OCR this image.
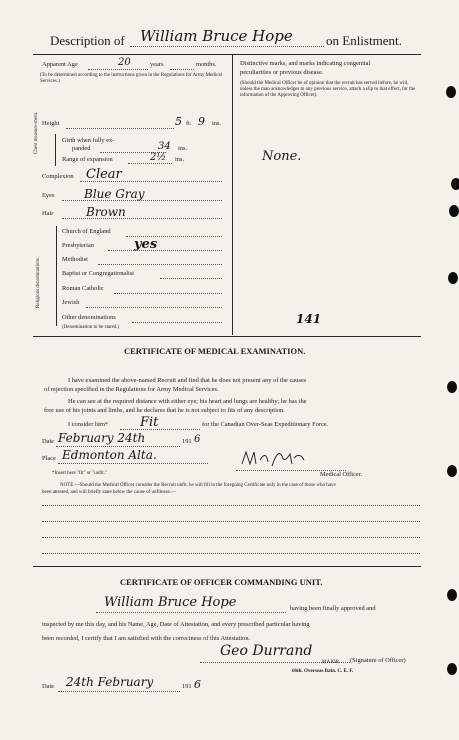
Description of William Bruce Hope	on Enlistment.
Apparent Age	20	years	months.
(To be determined according to the instructions given in the Regulations for Army Medical Services.)
Height	5 ft. 9 ins.
Chest measure-ment.	Girth when fully ex-
panded	34 ins.
Range of expansion	2½ ins.
Complexion Clear
Eyes Blue Gray
Hair	Brown
Religious denominations.
Church of England
Presbyterian	yes
Methodist
Baptist or Congregationalist
Roman Catholic
Jewish
Other denominations
(Denomination to be stated.)
Distinctive marks, and marks indicating congenital
peculiarities or previous disease.
(Should the Medical Officer be of opinion that the recruit has served before, he will, unless the man acknowledges to any previous service, attach a slip to that effect, for the information of the Approving Officer).
None.
141
CERTIFICATE OF MEDICAL EXAMINATION.
I have examined the above-named Recruit and find that he does not present any of the causes
of rejection specified in the Regulations for Army Medical Services.
He can see at the required distance with either eye; his heart and lungs are healthy; he has the
free use of his joints and limbs, and he declares that he is not subject to fits of any description.
I consider him* Fit	for the Canadian Over-Seas Expeditionary Force.
Date February 24th	191 6
Place Edmonton Alta.
Medical Officer.
*Insert here "fit" or "unfit."
NOTE.—Should the Medical Officer consider the Recruit unfit, he will fill in the foregoing Certificate only in the case of those who have
been attested, and will briefly state below the cause of unfitness:—
CERTIFICATE OF OFFICER COMMANDING UNIT.
William Bruce Hope	having been finally approved and
inspected by me this day, and his Name, Age, Date of Attestation, and every prescribed particular having
been recorded, I certify that I am satisfied with the correctness of this Attestation.
Geo Durrand
MAJOR (Signature of Officer)
66th. Overseas Batn. C. E. F.
Date 24th February	191 6
